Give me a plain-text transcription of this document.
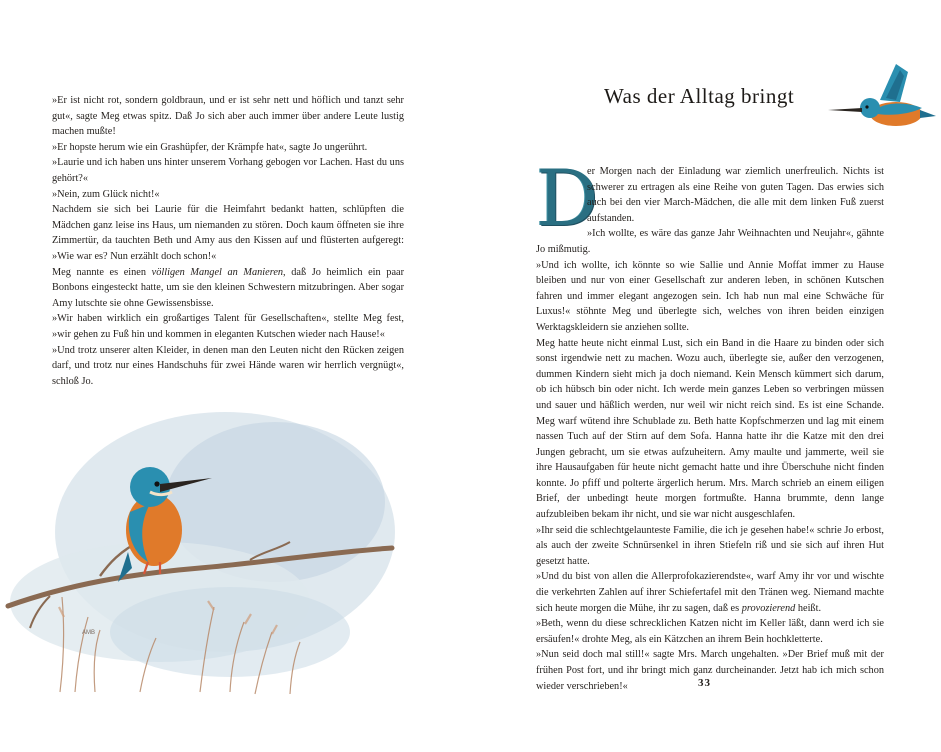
»Er ist nicht rot, sondern goldbraun, und er ist sehr nett und höflich und tanzt sehr gut«, sagte Meg etwas spitz. Daß Jo sich aber auch immer über andere Leute lustig machen mußte!

»Er hopste herum wie ein Grashüpfer, der Krämpfe hat«, sagte Jo ungerührt.

»Laurie und ich haben uns hinter unserem Vorhang gebogen vor Lachen. Hast du uns gehört?«

»Nein, zum Glück nicht!«

Nachdem sie sich bei Laurie für die Heimfahrt bedankt hatten, schlüpften die Mädchen ganz leise ins Haus, um niemanden zu stören. Doch kaum öffneten sie ihre Zimmertür, da tauchten Beth und Amy aus den Kissen auf und flüsterten aufgeregt: »Wie war es? Nun erzählt doch schon!«

Meg nannte es einen völligen Mangel an Manieren, daß Jo heimlich ein paar Bonbons eingesteckt hatte, um sie den kleinen Schwestern mitzubringen. Aber sogar Amy lutschte sie ohne Gewissensbisse.

»Wir haben wirklich ein großartiges Talent für Gesellschaften«, stellte Meg fest, »wir gehen zu Fuß hin und kommen in eleganten Kutschen wieder nach Hause!«

»Und trotz unserer alten Kleider, in denen man den Leuten nicht den Rücken zeigen darf, und trotz nur eines Handschuhs für zwei Hände waren wir herrlich vergnügt«, schloß Jo.

AMB
Was der Alltag bringt

D
er Morgen nach der Einladung war ziemlich unerfreulich. Nichts ist schwerer zu ertragen als eine Reihe von guten Tagen. Das erwies sich auch bei den vier March-Mädchen, die alle mit dem linken Fuß zuerst aufstanden.

»Ich wollte, es wäre das ganze Jahr Weihnachten und Neujahr«, gähnte Jo mißmutig.

»Und ich wollte, ich könnte so wie Sallie und Annie Moffat immer zu Hause bleiben und nur von einer Gesellschaft zur anderen leben, in schönen Kutschen fahren und immer elegant angezogen sein. Ich hab nun mal eine Schwäche für Luxus!« stöhnte Meg und überlegte sich, welches von ihren beiden einzigen Werktagskleidern sie anziehen sollte.

Meg hatte heute nicht einmal Lust, sich ein Band in die Haare zu binden oder sich sonst irgendwie nett zu machen. Wozu auch, überlegte sie, außer den verzogenen, dummen Kindern sieht mich ja doch niemand. Kein Mensch kümmert sich darum, ob ich hübsch bin oder nicht. Ich werde mein ganzes Leben so verbringen müssen und sauer und häßlich werden, nur weil wir nicht reich sind. Es ist eine Schande. Meg warf wütend ihre Schublade zu. Beth hatte Kopfschmerzen und lag mit einem nassen Tuch auf der Stirn auf dem Sofa. Hanna hatte ihr die Katze mit den drei Jungen gebracht, um sie etwas aufzuheitern. Amy maulte und jammerte, weil sie ihre Hausaufgaben für heute nicht gemacht hatte und ihre Überschuhe nicht finden konnte. Jo pfiff und polterte ärgerlich herum. Mrs. March schrieb an einem eiligen Brief, der unbedingt heute morgen fortmußte. Hanna brummte, denn lange aufzubleiben bekam ihr nicht, und sie war nicht ausgeschlafen.

»Ihr seid die schlechtgelaunteste Familie, die ich je gesehen habe!« schrie Jo erbost, als auch der zweite Schnürsenkel in ihren Stiefeln riß und sie sich auf ihren Hut gesetzt hatte.

»Und du bist von allen die Allerprofokazierendste«, warf Amy ihr vor und wischte die verkehrten Zahlen auf ihrer Schiefertafel mit den Tränen weg. Niemand machte sich heute morgen die Mühe, ihr zu sagen, daß es provozierend heißt.

»Beth, wenn du diese schrecklichen Katzen nicht im Keller läßt, dann werd ich sie ersäufen!« drohte Meg, als ein Kätzchen an ihrem Bein hochkletterte.

»Nun seid doch mal still!« sagte Mrs. March ungehalten. »Der Brief muß mit der frühen Post fort, und ihr bringt mich ganz durcheinander. Jetzt hab ich mich schon wieder verschrieben!«	33
